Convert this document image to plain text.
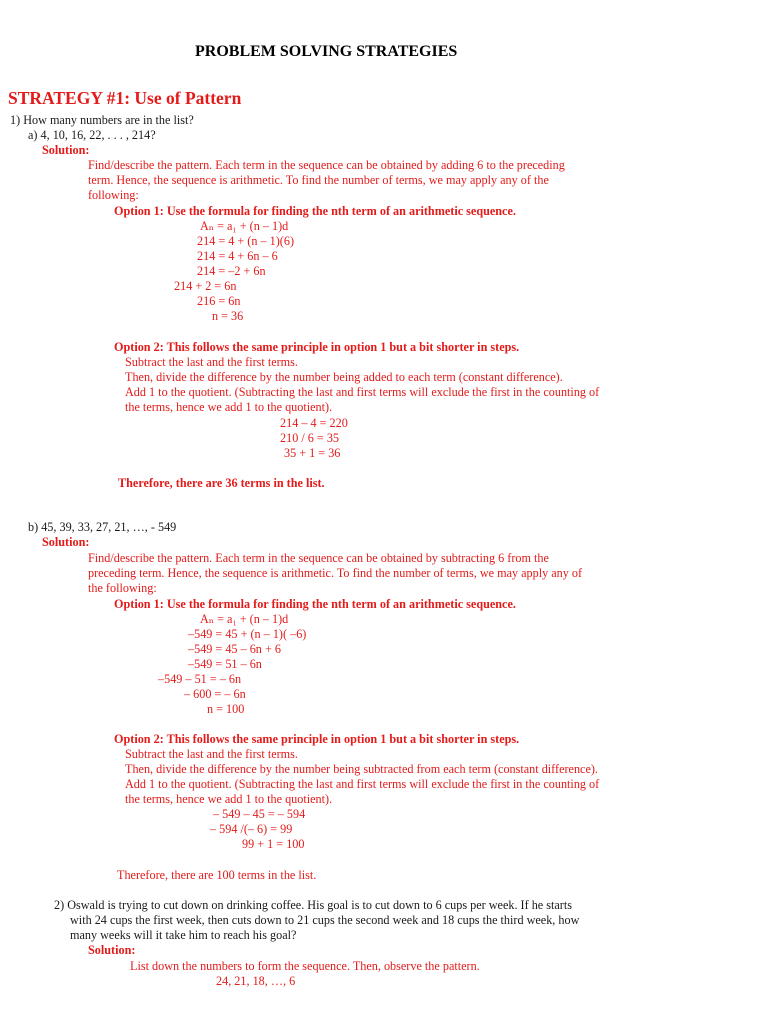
PROBLEM SOLVING STRATEGIES
STRATEGY #1: Use of Pattern
1) How many numbers are in the list?
a) 4, 10, 16, 22, . . . , 214?
Solution:
Find/describe the pattern. Each term in the sequence can be obtained by adding 6 to the preceding
term. Hence, the sequence is arithmetic. To find the number of terms, we may apply any of the
following:
Option 1: Use the formula for finding the nth term of an arithmetic sequence.
Aₙ = a₁ + (n – 1)d
214 = 4 + (n – 1)(6)
214 = 4 + 6n – 6
214 = –2 + 6n
214 + 2 = 6n
216 = 6n
n = 36
Option 2: This follows the same principle in option 1 but a bit shorter in steps.
Subtract the last and the first terms.
Then, divide the difference by the number being added to each term (constant difference).
Add 1 to the quotient. (Subtracting the last and first terms will exclude the first in the counting of
the terms, hence we add 1 to the quotient).
214 – 4 = 220
210 / 6 = 35
35 + 1 = 36
Therefore, there are 36 terms in the list.
b) 45, 39, 33, 27, 21, …, - 549
Solution:
Find/describe the pattern. Each term in the sequence can be obtained by subtracting 6 from the
preceding term. Hence, the sequence is arithmetic. To find the number of terms, we may apply any of
the following:
Option 1: Use the formula for finding the nth term of an arithmetic sequence.
Aₙ = a₁ + (n – 1)d
–549 = 45 + (n – 1)( –6)
–549 = 45 – 6n + 6
–549 = 51 – 6n
–549 – 51 = – 6n
– 600 = – 6n
n = 100
Option 2: This follows the same principle in option 1 but a bit shorter in steps.
Subtract the last and the first terms.
Then, divide the difference by the number being subtracted from each term (constant difference).
Add 1 to the quotient. (Subtracting the last and first terms will exclude the first in the counting of
the terms, hence we add 1 to the quotient).
– 549 – 45 = – 594
– 594 /(– 6) = 99
99 + 1 = 100
Therefore, there are 100 terms in the list.
2) Oswald is trying to cut down on drinking coffee. His goal is to cut down to 6 cups per week. If he starts
with 24 cups the first week, then cuts down to 21 cups the second week and 18 cups the third week, how
many weeks will it take him to reach his goal?
Solution:
List down the numbers to form the sequence. Then, observe the pattern.
24, 21, 18, …, 6
